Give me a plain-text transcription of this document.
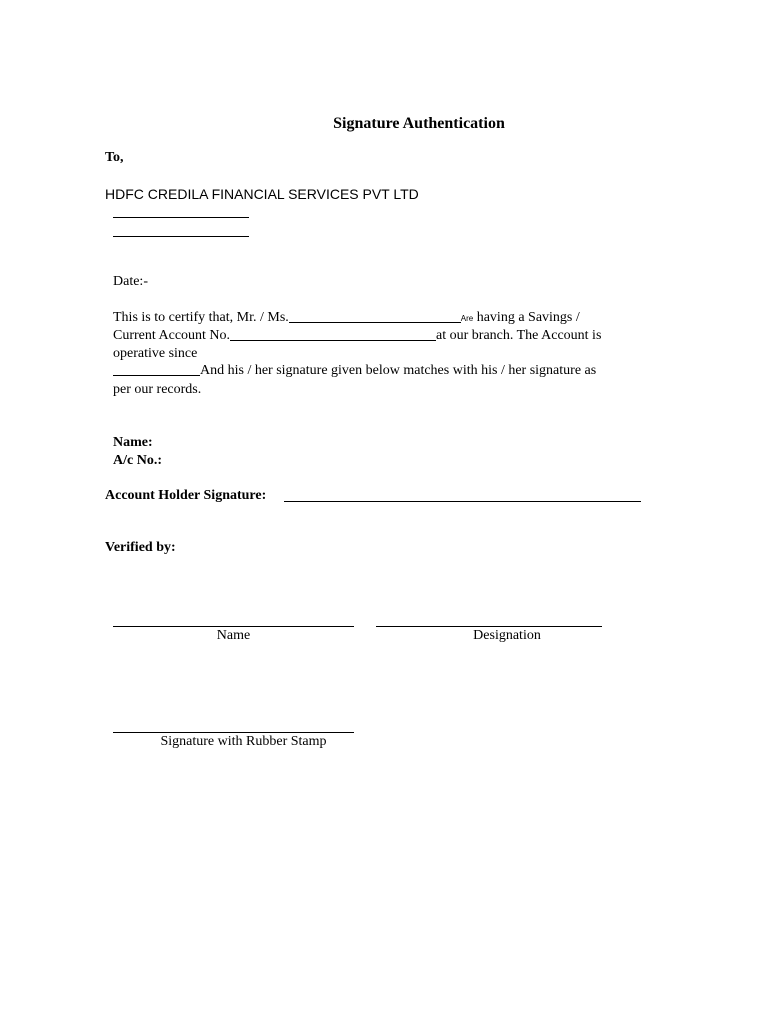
Signature Authentication
To,
HDFC CREDILA FINANCIAL SERVICES PVT LTD
Date:-
This is to certify that, Mr. / Ms.	Are having a Savings /
Current Account No.	at our branch. The Account is
operative since
And his / her signature given below matches with his / her signature as
per our records.
Name:
A/c No.:
Account Holder Signature:
Verified by:
Name	Designation
Signature with Rubber Stamp
